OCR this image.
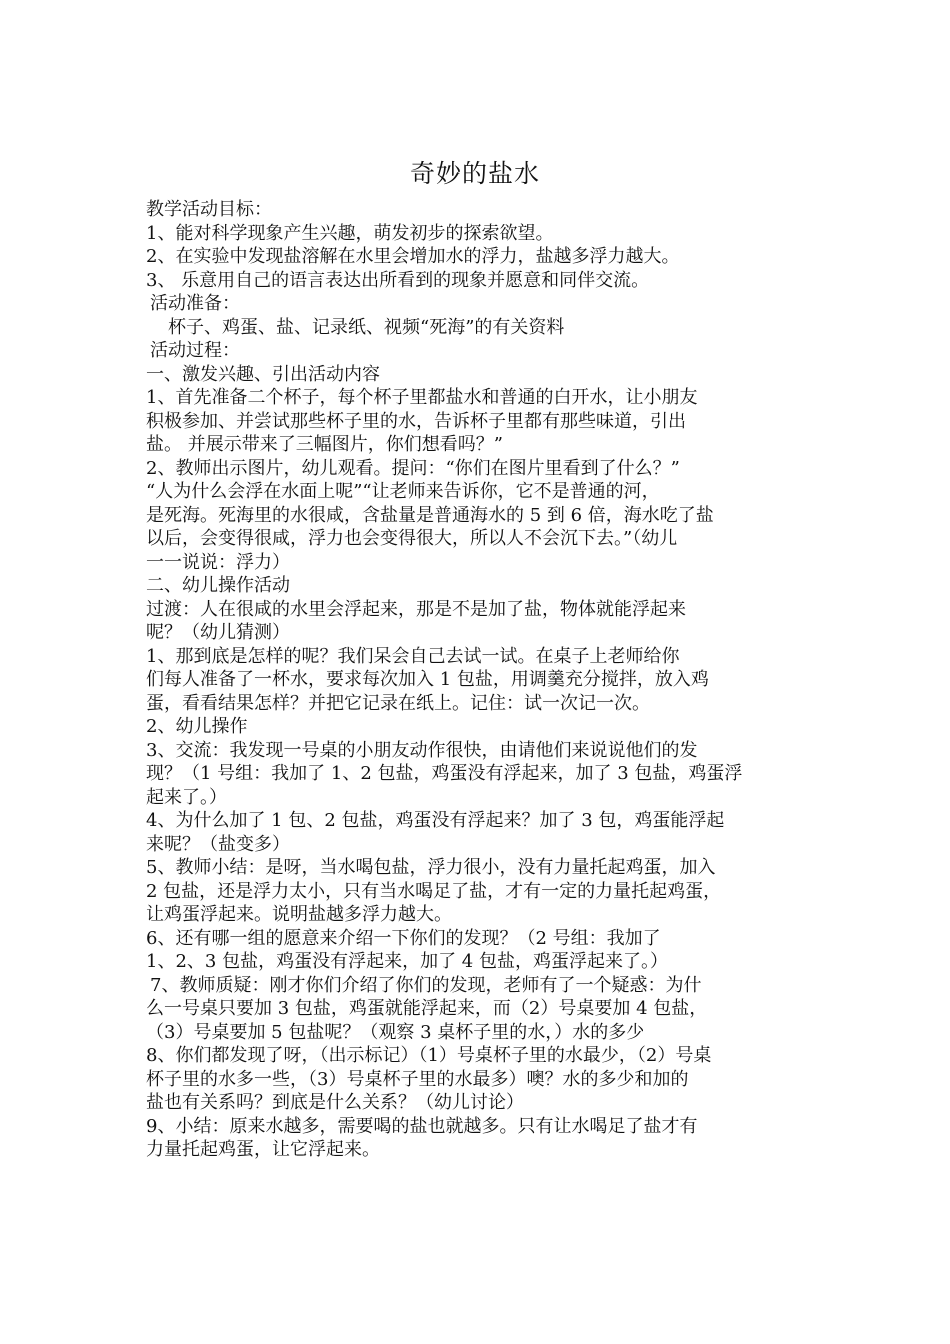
奇妙的盐水

教学活动目标：

1、能对科学现象产生兴趣，萌发初步的探索欲望。

2、在实验中发现盐溶解在水里会增加水的浮力，盐越多浮力越大。

3、 乐意用自己的语言表达出所看到的现象并愿意和同伴交流。

活动准备：

杯子、鸡蛋、盐、记录纸、视频“死海”的有关资料

活动过程：

一、激发兴趣、引出活动内容

1、首先准备二个杯子，每个杯子里都盐水和普通的白开水，让小朋友

积极参加、并尝试那些杯子里的水，告诉杯子里都有那些味道，引出

盐。 并展示带来了三幅图片，你们想看吗？”

2、教师出示图片，幼儿观看。提问：“你们在图片里看到了什么？”

“人为什么会浮在水面上呢”“让老师来告诉你，它不是普通的河，

是死海。死海里的水很咸，含盐量是普通海水的 5 到 6 倍，海水吃了盐

以后，会变得很咸，浮力也会变得很大，所以人不会沉下去。”（幼儿

一一说说：浮力）

二、幼儿操作活动

过渡：人在很咸的水里会浮起来，那是不是加了盐，物体就能浮起来

呢？（幼儿猜测）

1、那到底是怎样的呢？我们呆会自己去试一试。在桌子上老师给你

们每人准备了一杯水，要求每次加入 1 包盐，用调羹充分搅拌，放入鸡

蛋，看看结果怎样？并把它记录在纸上。记住：试一次记一次。

2、幼儿操作

3、交流：我发现一号桌的小朋友动作很快，由请他们来说说他们的发

现？（1 号组：我加了 1、2 包盐，鸡蛋没有浮起来，加了 3 包盐，鸡蛋浮

起来了。）

4、为什么加了 1 包、2 包盐，鸡蛋没有浮起来？加了 3 包，鸡蛋能浮起

来呢？（盐变多）

5、教师小结：是呀，当水喝包盐，浮力很小，没有力量托起鸡蛋，加入

2 包盐，还是浮力太小，只有当水喝足了盐，才有一定的力量托起鸡蛋，

让鸡蛋浮起来。说明盐越多浮力越大。

6、还有哪一组的愿意来介绍一下你们的发现？（2 号组：我加了

1、2、3 包盐，鸡蛋没有浮起来，加了 4 包盐，鸡蛋浮起来了。）

7、教师质疑：刚才你们介绍了你们的发现，老师有了一个疑惑：为什

么一号桌只要加 3 包盐，鸡蛋就能浮起来，而（2）号桌要加 4 包盐，

（3）号桌要加 5 包盐呢？（观察 3 桌杯子里的水，）水的多少

8、你们都发现了呀，（出示标记）（1）号桌杯子里的水最少，（2）号桌

杯子里的水多一些，（3）号桌杯子里的水最多）噢？水的多少和加的

盐也有关系吗？到底是什么关系？（幼儿讨论）

9、小结：原来水越多，需要喝的盐也就越多。只有让水喝足了盐才有

力量托起鸡蛋，让它浮起来。
